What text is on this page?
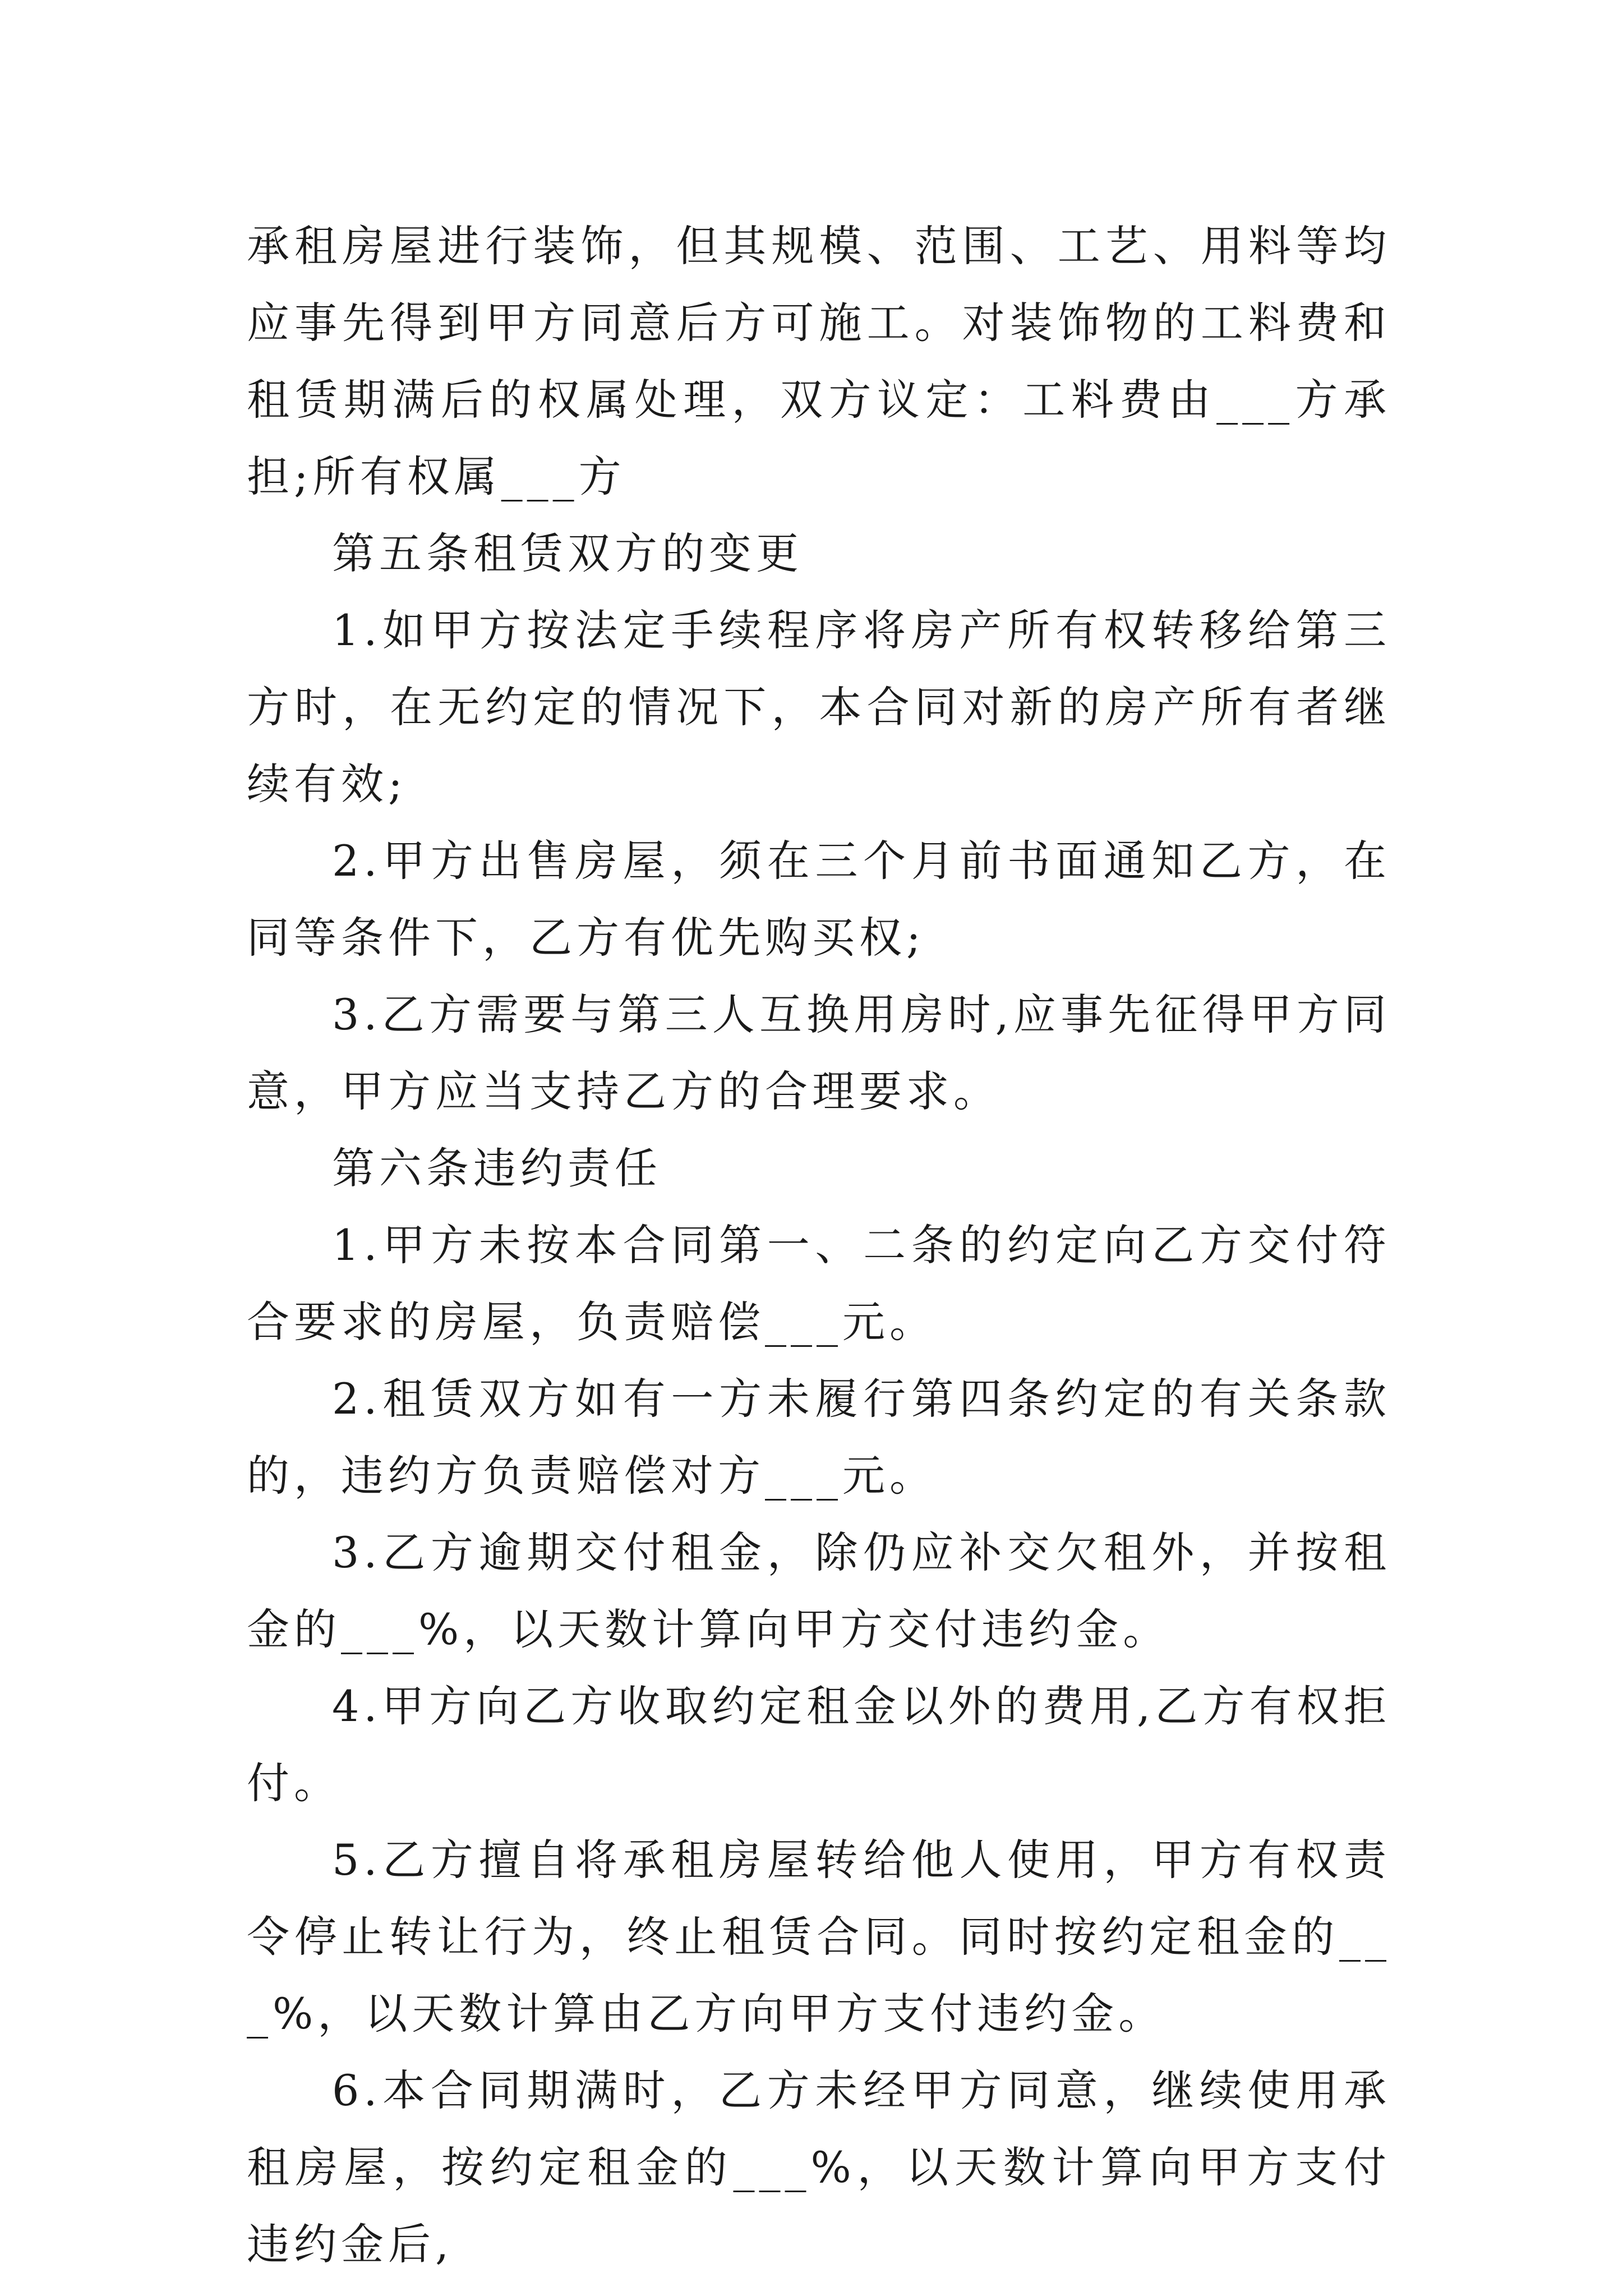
承租房屋进行装饰，但其规模、范围、工艺、用料等均应事先得到甲方同意后方可施工。对装饰物的工料费和租赁期满后的权属处理，双方议定：工料费由___方承担;所有权属___方

第五条租赁双方的变更

1.如甲方按法定手续程序将房产所有权转移给第三方时，在无约定的情况下，本合同对新的房产所有者继续有效;

2.甲方出售房屋，须在三个月前书面通知乙方，在同等条件下，乙方有优先购买权;

3.乙方需要与第三人互换用房时,应事先征得甲方同意，甲方应当支持乙方的合理要求。

第六条违约责任

1.甲方未按本合同第一、二条的约定向乙方交付符合要求的房屋，负责赔偿___元。

2.租赁双方如有一方未履行第四条约定的有关条款的，违约方负责赔偿对方___元。

3.乙方逾期交付租金，除仍应补交欠租外，并按租金的___%，以天数计算向甲方交付违约金。

4.甲方向乙方收取约定租金以外的费用,乙方有权拒付。

5.乙方擅自将承租房屋转给他人使用，甲方有权责令停止转让行为，终止租赁合同。同时按约定租金的___%，以天数计算由乙方向甲方支付违约金。

6.本合同期满时，乙方未经甲方同意，继续使用承租房屋，按约定租金的___%，以天数计算向甲方支付违约金后,
